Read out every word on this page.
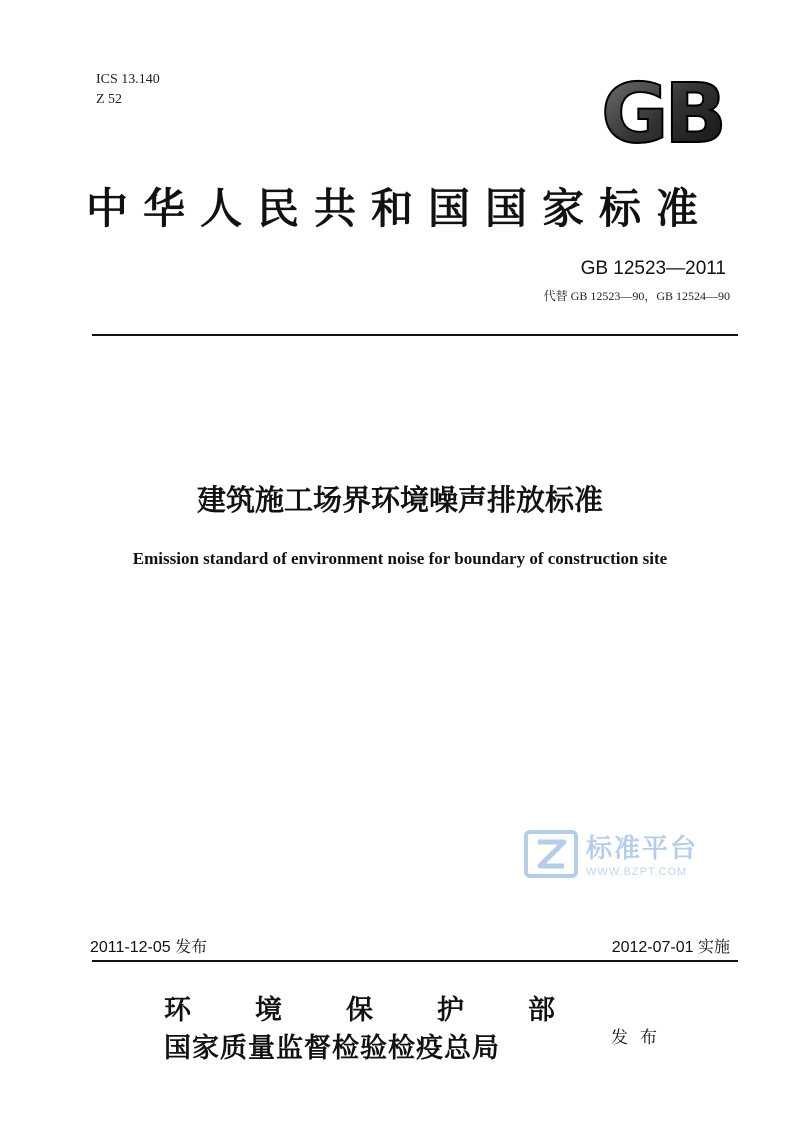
ICS 13.140
Z 52	GB
中华人民共和国国家标准
GB 12523—2011
代替 GB 12523—90，GB 12524—90
建筑施工场界环境噪声排放标准
Emission standard of environment noise for boundary of construction site
标准平台
WWW.BZPT.COM
2011-12-05 发布	2012-07-01 实施
环境保护部
国家质量监督检验检疫总局	发布
